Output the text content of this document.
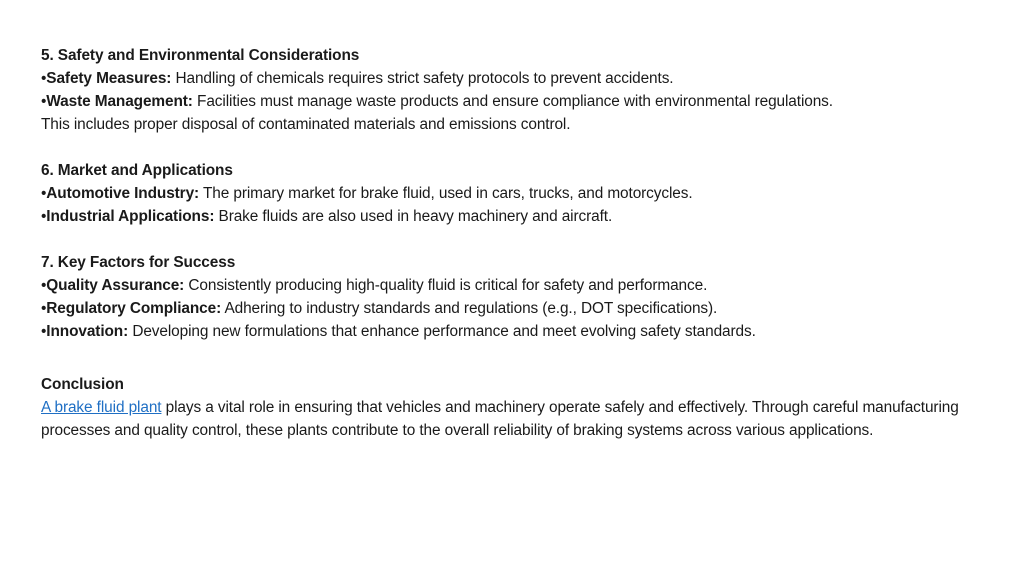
5. Safety and Environmental Considerations
•Safety Measures: Handling of chemicals requires strict safety protocols to prevent accidents.
•Waste Management: Facilities must manage waste products and ensure compliance with environmental regulations.
This includes proper disposal of contaminated materials and emissions control.
6. Market and Applications
•Automotive Industry: The primary market for brake fluid, used in cars, trucks, and motorcycles.
•Industrial Applications: Brake fluids are also used in heavy machinery and aircraft.
7. Key Factors for Success
•Quality Assurance: Consistently producing high-quality fluid is critical for safety and performance.
•Regulatory Compliance: Adhering to industry standards and regulations (e.g., DOT specifications).
•Innovation: Developing new formulations that enhance performance and meet evolving safety standards.
Conclusion
A brake fluid plant plays a vital role in ensuring that vehicles and machinery operate safely and effectively. Through careful manufacturing processes and quality control, these plants contribute to the overall reliability of braking systems across various applications.
